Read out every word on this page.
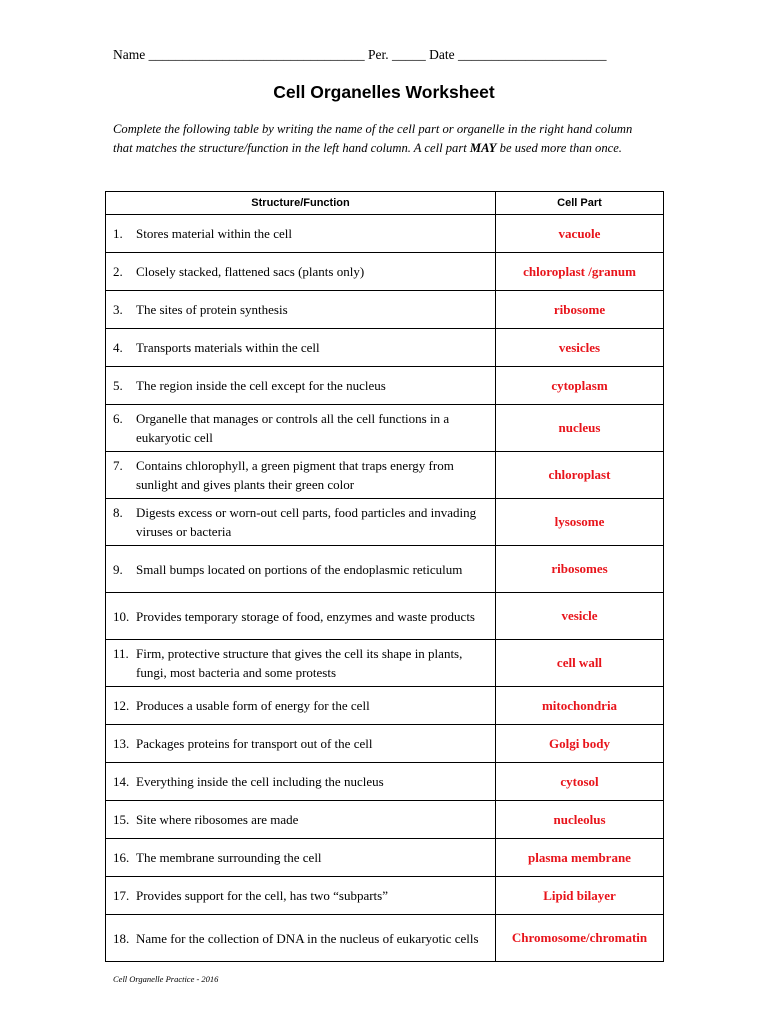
Name ________________________________ Per. _____ Date ______________________
Cell Organelles Worksheet
Complete the following table by writing the name of the cell part or organelle in the right hand column that matches the structure/function in the left hand column. A cell part MAY be used more than once.
Structure/Function	Cell Part

1. Stores material within the cell	vacuole

2. Closely stacked, flattened sacs (plants only)	chloroplast /granum

3. The sites of protein synthesis	ribosome

4. Transports materials within the cell	vesicles

5. The region inside the cell except for the nucleus	cytoplasm

6. Organelle that manages or controls all the cell functions in a eukaryotic cell	nucleus

7. Contains chlorophyll, a green pigment that traps energy from sunlight and gives plants their green color	chloroplast

8. Digests excess or worn-out cell parts, food particles and invading viruses or bacteria	lysosome

9. Small bumps located on portions of the endoplasmic reticulum	ribosomes

10. Provides temporary storage of food, enzymes and waste products	vesicle

11. Firm, protective structure that gives the cell its shape in plants, fungi, most bacteria and some protests	cell wall

12. Produces a usable form of energy for the cell	mitochondria

13. Packages proteins for transport out of the cell	Golgi body

14. Everything inside the cell including the nucleus	cytosol

15. Site where ribosomes are made	nucleolus

16. The membrane surrounding the cell	plasma membrane

17. Provides support for the cell, has two “subparts”	Lipid bilayer

18. Name for the collection of DNA in the nucleus of eukaryotic cells	Chromosome/chromatin
Cell Organelle Practice - 2016
